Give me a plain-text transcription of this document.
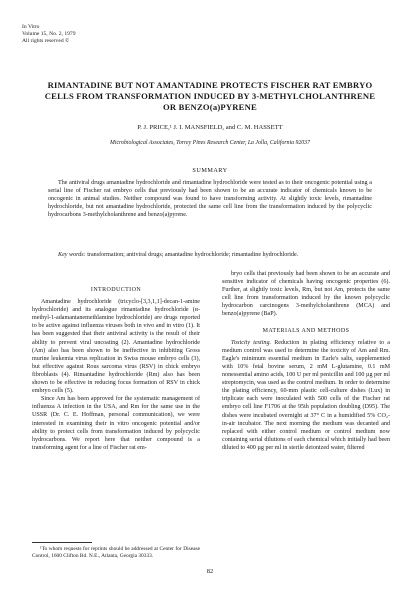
In Vitro
Volume 15, No. 2, 1979
All rights reserved ©
RIMANTADINE BUT NOT AMANTADINE PROTECTS FISCHER RAT EMBRYO CELLS FROM TRANSFORMATION INDUCED BY 3-METHYLCHOLANTHRENE OR BENZO(a)PYRENE
P. J. PRICE,¹ J. I. MANSFIELD, and C. M. HASSETT
Microbiological Associates, Torrey Pines Research Center, La Jolla, California 92037
SUMMARY

The antiviral drugs amantadine hydrochloride and rimantadine hydrochloride were tested as to their oncogenic potential using a serial line of Fischer rat embryo cells that previously had been shown to be an accurate indicator of chemicals known to be oncogenic in animal studies. Neither compound was found to have transforming activity. At slightly toxic levels, rimantadine hydrochloride, but not amantadine hydrochloride, protected the same cell line from the transformation induced by the polycyclic hydrocarbons 3-methylcholanthrene and benzo(a)pyrene.

Key words: transformation; antiviral drugs; amantadine hydrochloride; rimantadine hydrochloride.

INTRODUCTION

Amantadine hydrochloride (tricyclo-[3,3,1,1]-decan-1-amine hydrochloride) and its analogue rimantadine hydrochloride (α-methyl-1-adamantanemethlamine hydrochloride) are drugs reported to be active against influenza viruses both in vivo and in vitro (1). It has been suggested that their antiviral activity is the result of their ability to prevent viral uncoating (2). Amantadine hydrochloride (Am) also has been shown to be ineffective in inhibiting Gross murine leukemia virus replication in Swiss mouse embryo cells (3), but effective against Rous sarcoma virus (RSV) in chick embryo fibroblasts (4). Rimantadine hydrochloride (Rm) also has been shown to be effective in reducing focus formation of RSV in chick embryo cells (5).

Since Am has been approved for the systematic management of influenza A infection in the USA, and Rm for the same use in the USSR (Dr. C. E. Hoffman, personal communication), we were interested in examining their in vitro oncogenic potential and/or ability to protect cells from transformation induced by polycyclic hydrocarbons. We report here that neither compound is a transforming agent for a line of Fischer rat em-

bryo cells that previously had been shown to be an accurate and sensitive indicator of chemicals having oncogenic properties (6). Further, at slightly toxic levels, Rm, but not Am, protects the same cell line from transformation induced by the known polycyclic hydrocarbon carcinogens 3-methylcholanthrene (MCA) and benzo(a)pyrene (BaP).

MATERIALS AND METHODS

Toxicity testing. Reduction in plating efficiency relative to a medium control was used to determine the toxicity of Am and Rm. Eagle's minimum essential medium in Earle's salts, supplemented with 10% fetal bovine serum, 2 mM L-glutamine, 0.1 mM nonessential amino acids, 100 U per ml penicillin and 100 µg per ml streptomycin, was used as the control medium. In order to determine the plating efficiency, 60-mm plastic cell-culture dishes (Lux) in triplicate each were inoculated with 500 cells of the Fischer rat embryo cell line F1706 at the 95th population doubling (D95). The dishes were incubated overnight at 37° C in a humidified 5% CO₂-in-air incubator. The next morning the medium was decanted and replaced with either control medium or control medium now containing serial dilutions of each chemical which initially had been diluted to 400 µg per ml in sterile deionized water, filtered

¹To whom requests for reprints should be addressed at Center for Disease Control, 1600 Clifton Rd. N.E., Atlanta, Georgia 30333.

82
